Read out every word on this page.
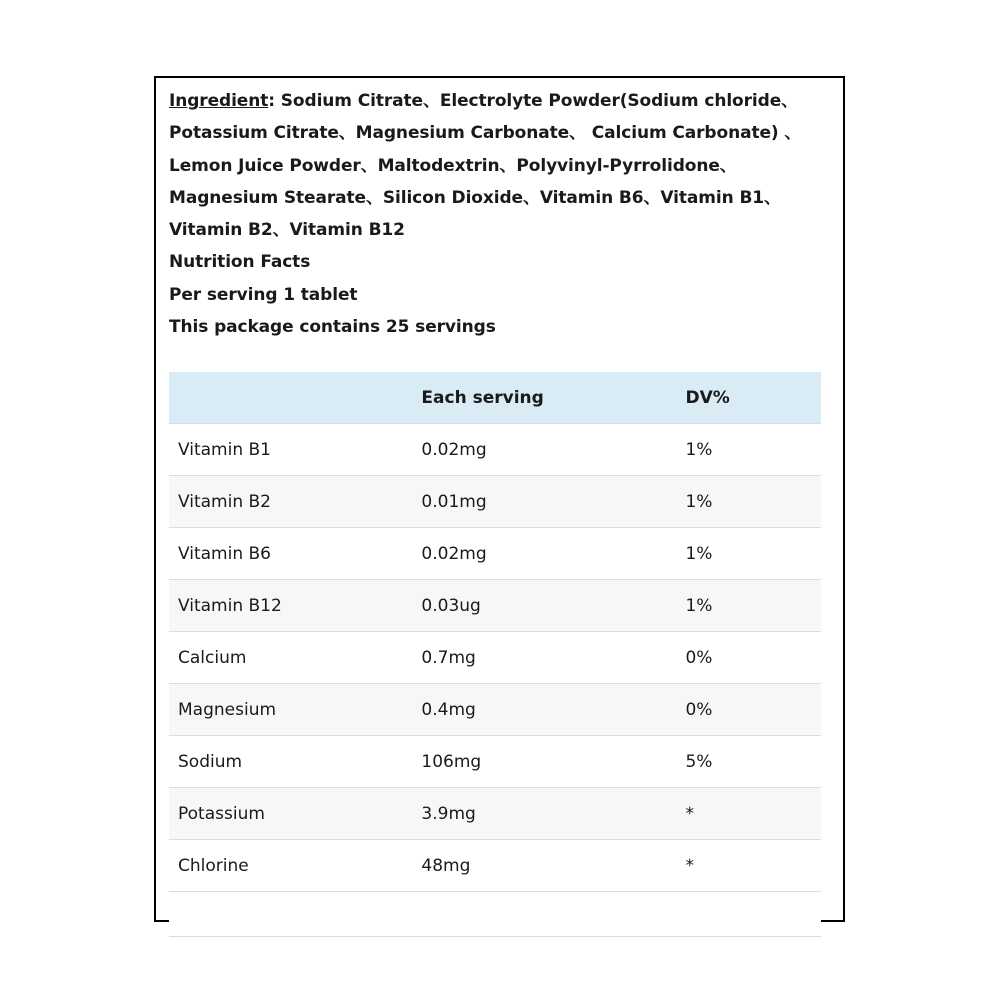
Ingredient: Sodium Citrate、Electrolyte Powder(Sodium chloride、
Potassium Citrate、Magnesium Carbonate、 Calcium Carbonate) 、
Lemon Juice Powder、Maltodextrin、Polyvinyl-Pyrrolidone、
Magnesium Stearate、Silicon Dioxide、Vitamin B6、Vitamin B1、
Vitamin B2、Vitamin B12
Nutrition Facts
Per serving 1 tablet
This package contains 25 servings
	Each serving	DV%
Vitamin B1	0.02mg	1%
Vitamin B2	0.01mg	1%
Vitamin B6	0.02mg	1%
Vitamin B12	0.03ug	1%
Calcium	0.7mg	0%
Magnesium	0.4mg	0%
Sodium	106mg	5%
Potassium	3.9mg	*
Chlorine	48mg	*
